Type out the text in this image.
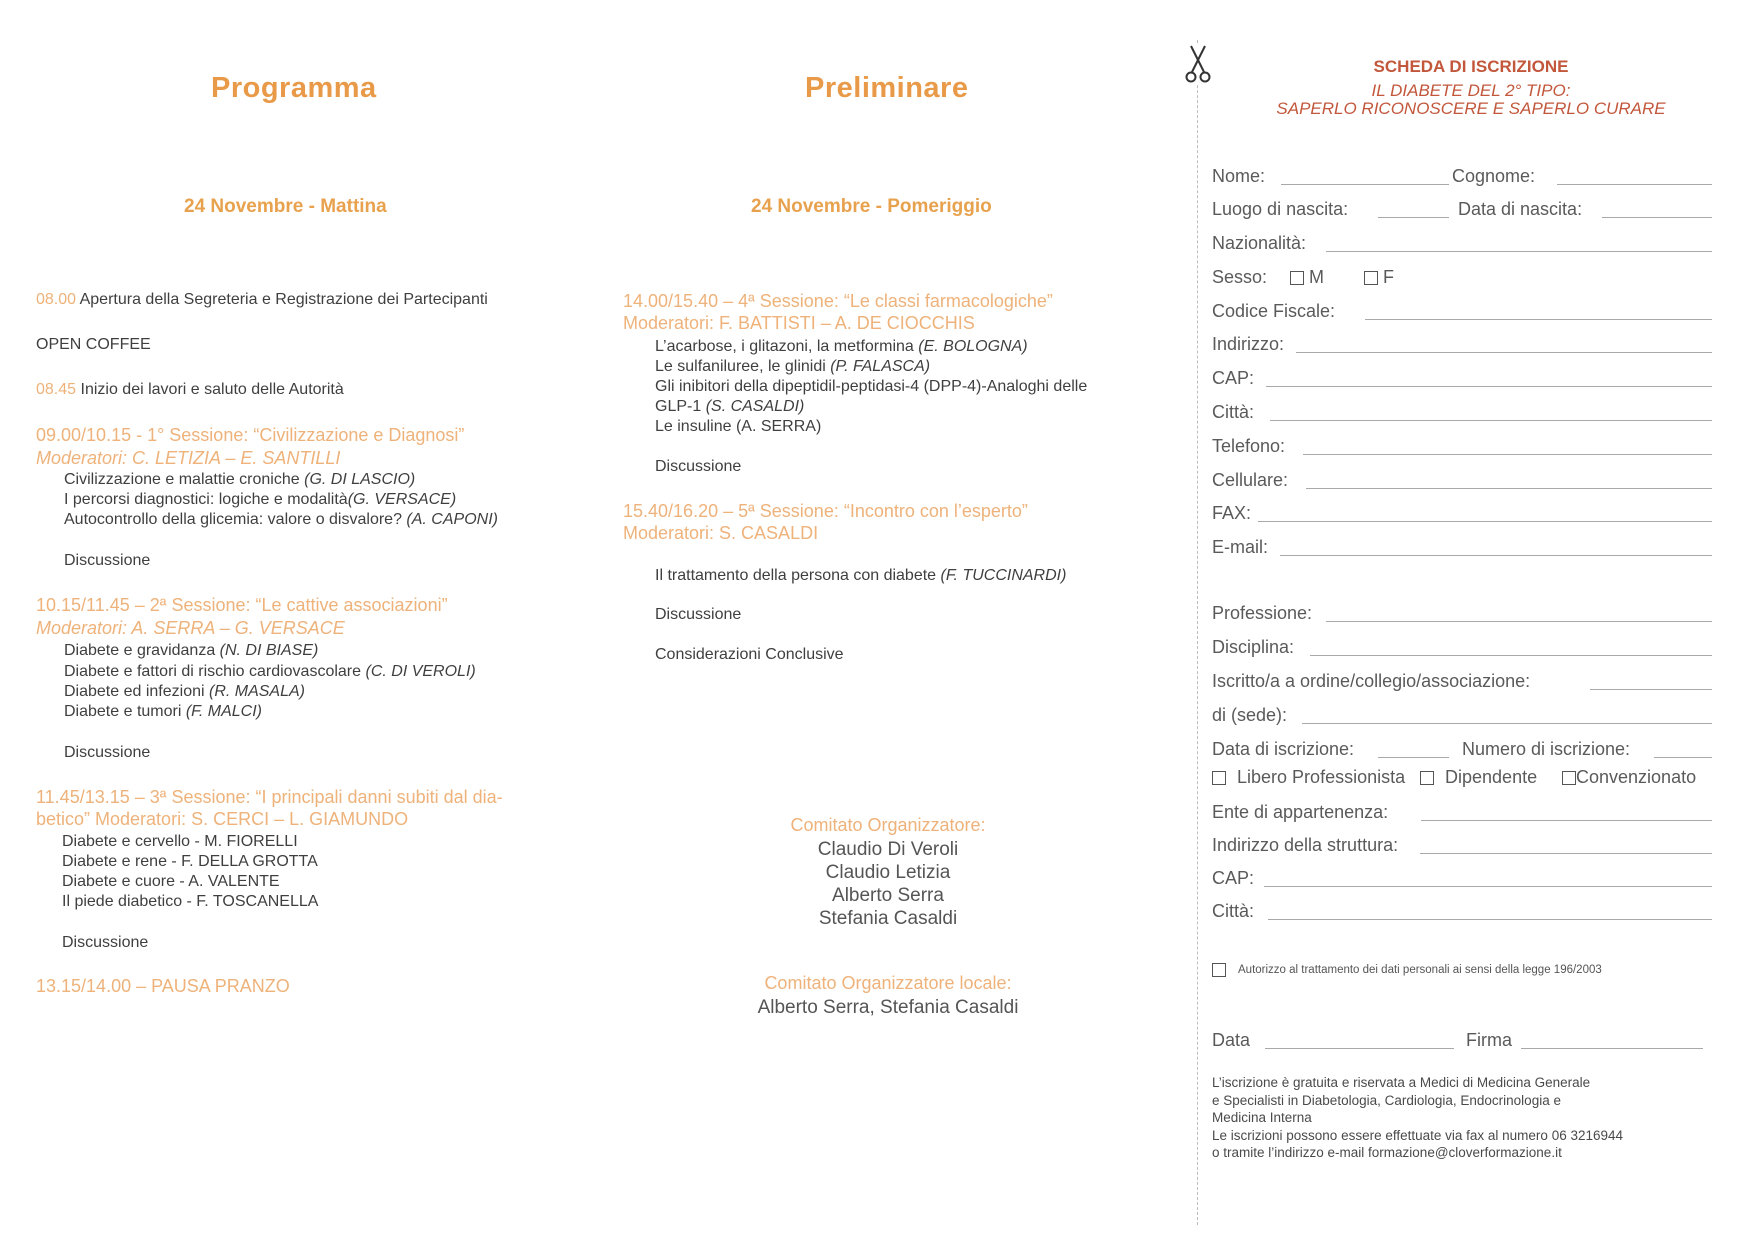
Programma
24 Novembre - Mattina
08.00 Apertura della Segreteria e Registrazione dei Partecipanti
OPEN COFFEE
08.45 Inizio dei lavori e saluto delle Autorità
09.00/10.15 - 1° Sessione: “Civilizzazione e Diagnosi”
Moderatori: C. LETIZIA – E. SANTILLI
Civilizzazione e malattie croniche (G. DI LASCIO)
I percorsi diagnostici: logiche e modalità(G. VERSACE)
Autocontrollo della glicemia: valore o disvalore? (A. CAPONI)
Discussione
10.15/11.45 – 2ª Sessione: “Le cattive associazioni”
Moderatori: A. SERRA – G. VERSACE
Diabete e gravidanza (N. DI BIASE)
Diabete e fattori di rischio cardiovascolare (C. DI VEROLI)
Diabete ed infezioni (R. MASALA)
Diabete e tumori (F. MALCI)
Discussione
11.45/13.15 – 3ª Sessione: “I principali danni subiti dal dia-
betico” Moderatori: S. CERCI – L. GIAMUNDO
Diabete e cervello - M. FIORELLI
Diabete e rene - F. DELLA GROTTA
Diabete e cuore - A. VALENTE
Il piede diabetico - F. TOSCANELLA
Discussione
13.15/14.00 – PAUSA PRANZO
Preliminare
24 Novembre - Pomeriggio
14.00/15.40 – 4ª Sessione: “Le classi farmacologiche”
Moderatori: F. BATTISTI – A. DE CIOCCHIS
L’acarbose, i glitazoni, la metformina (E. BOLOGNA)
Le sulfaniluree, le glinidi (P. FALASCA)
Gli inibitori della dipeptidil-peptidasi-4 (DPP-4)-Analoghi delle
GLP-1 (S. CASALDI)
Le insuline (A. SERRA)
Discussione
15.40/16.20 – 5ª Sessione: “Incontro con l’esperto”
Moderatori: S. CASALDI
Il trattamento della persona con diabete (F. TUCCINARDI)
Discussione
Considerazioni Conclusive
Comitato Organizzatore:
Claudio Di Veroli
Claudio Letizia
Alberto Serra
Stefania Casaldi
Comitato Organizzatore locale:
Alberto Serra, Stefania Casaldi
SCHEDA DI ISCRIZIONE
IL DIABETE DEL 2° TIPO:
SAPERLO RICONOSCERE E SAPERLO CURARE
Nome:	Cognome:
Luogo di nascita:	Data di nascita:
Nazionalità:
Sesso:	M	F
Codice Fiscale:
Indirizzo:
CAP:
Città:
Telefono:
Cellulare:
FAX:
E-mail:
Professione:
Disciplina:
Iscritto/a a ordine/collegio/associazione:
di (sede):
Data di iscrizione:	Numero di iscrizione:
Libero Professionista	Dipendente	Convenzionato
Ente di appartenenza:
Indirizzo della struttura:
CAP:
Città:
Autorizzo al trattamento dei dati personali ai sensi della legge 196/2003
Data	Firma
L’iscrizione è gratuita e riservata a Medici di Medicina Generale
e Specialisti in Diabetologia, Cardiologia, Endocrinologia e
Medicina Interna
Le iscrizioni possono essere effettuate via fax al numero 06 3216944
o tramite l’indirizzo e-mail formazione@cloverformazione.it
